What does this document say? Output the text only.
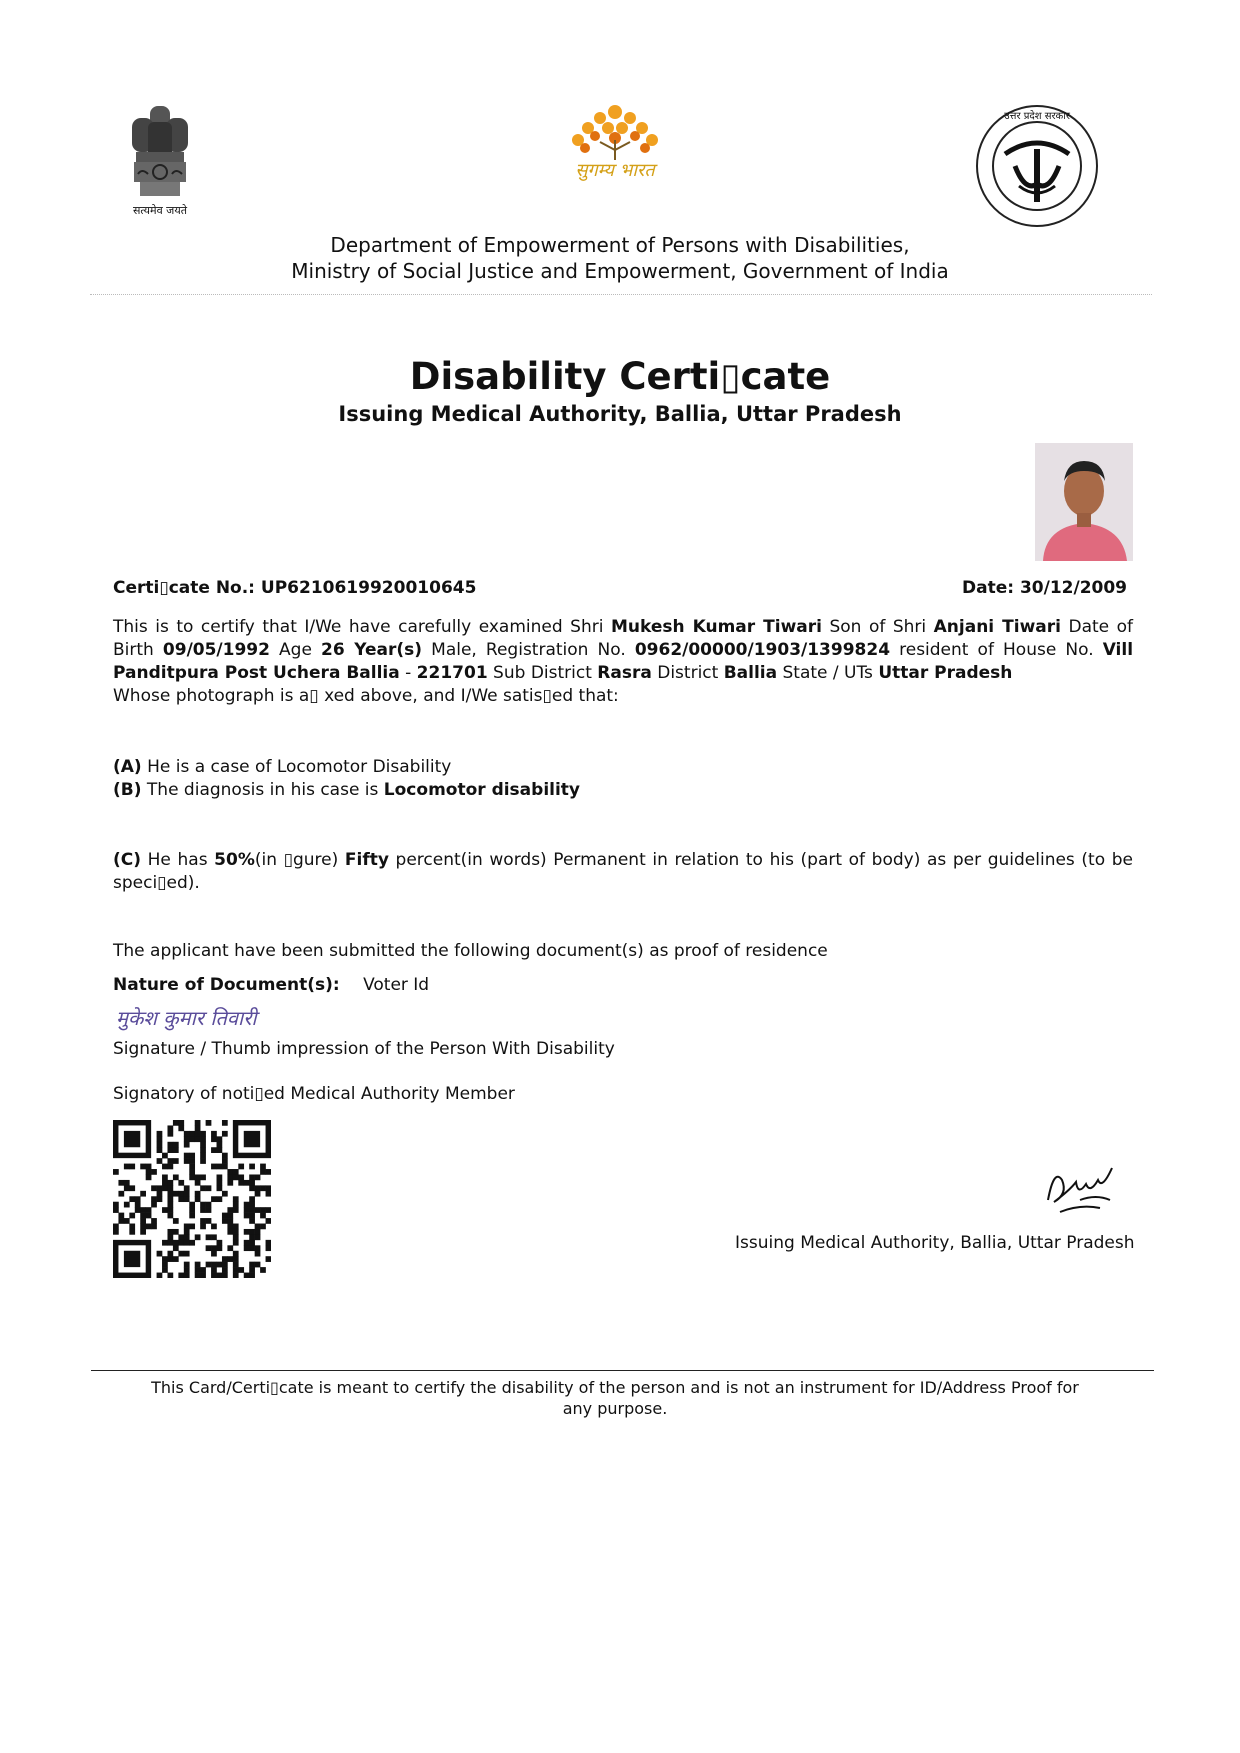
सत्यमेव जयते
सुगम्य भारत
उत्तर प्रदेश सरकार
Department of Empowerment of Persons with Disabilities,
Ministry of Social Justice and Empowerment, Government of India
Disability Certi▯cate
Issuing Medical Authority, Ballia, Uttar Pradesh
Certi▯cate No.: UP6210619920010645	Date: 30/12/2009
This is to certify that I/We have carefully examined Shri Mukesh Kumar Tiwari Son of Shri Anjani Tiwari Date of Birth 09/05/1992 Age 26 Year(s) Male, Registration No. 0962/00000/1903/1399824 resident of House No. Vill Panditpura Post Uchera Ballia - 221701 Sub District Rasra District Ballia State / UTs Uttar Pradesh
Whose photograph is a▯ xed above, and I/We satis▯ed that:
(A) He is a case of Locomotor Disability
(B) The diagnosis in his case is Locomotor disability
(C) He has 50%(in ▯gure) Fifty percent(in words) Permanent in relation to his (part of body) as per guidelines (to be speci▯ed).
The applicant have been submitted the following document(s) as proof of residence
Nature of Document(s): Voter Id
मुकेश कुमार तिवारी
Signature / Thumb impression of the Person With Disability
Signatory of noti▯ed Medical Authority Member
Issuing Medical Authority, Ballia, Uttar Pradesh
This Card/Certi▯cate is meant to certify the disability of the person and is not an instrument for ID/Address Proof for any purpose.
